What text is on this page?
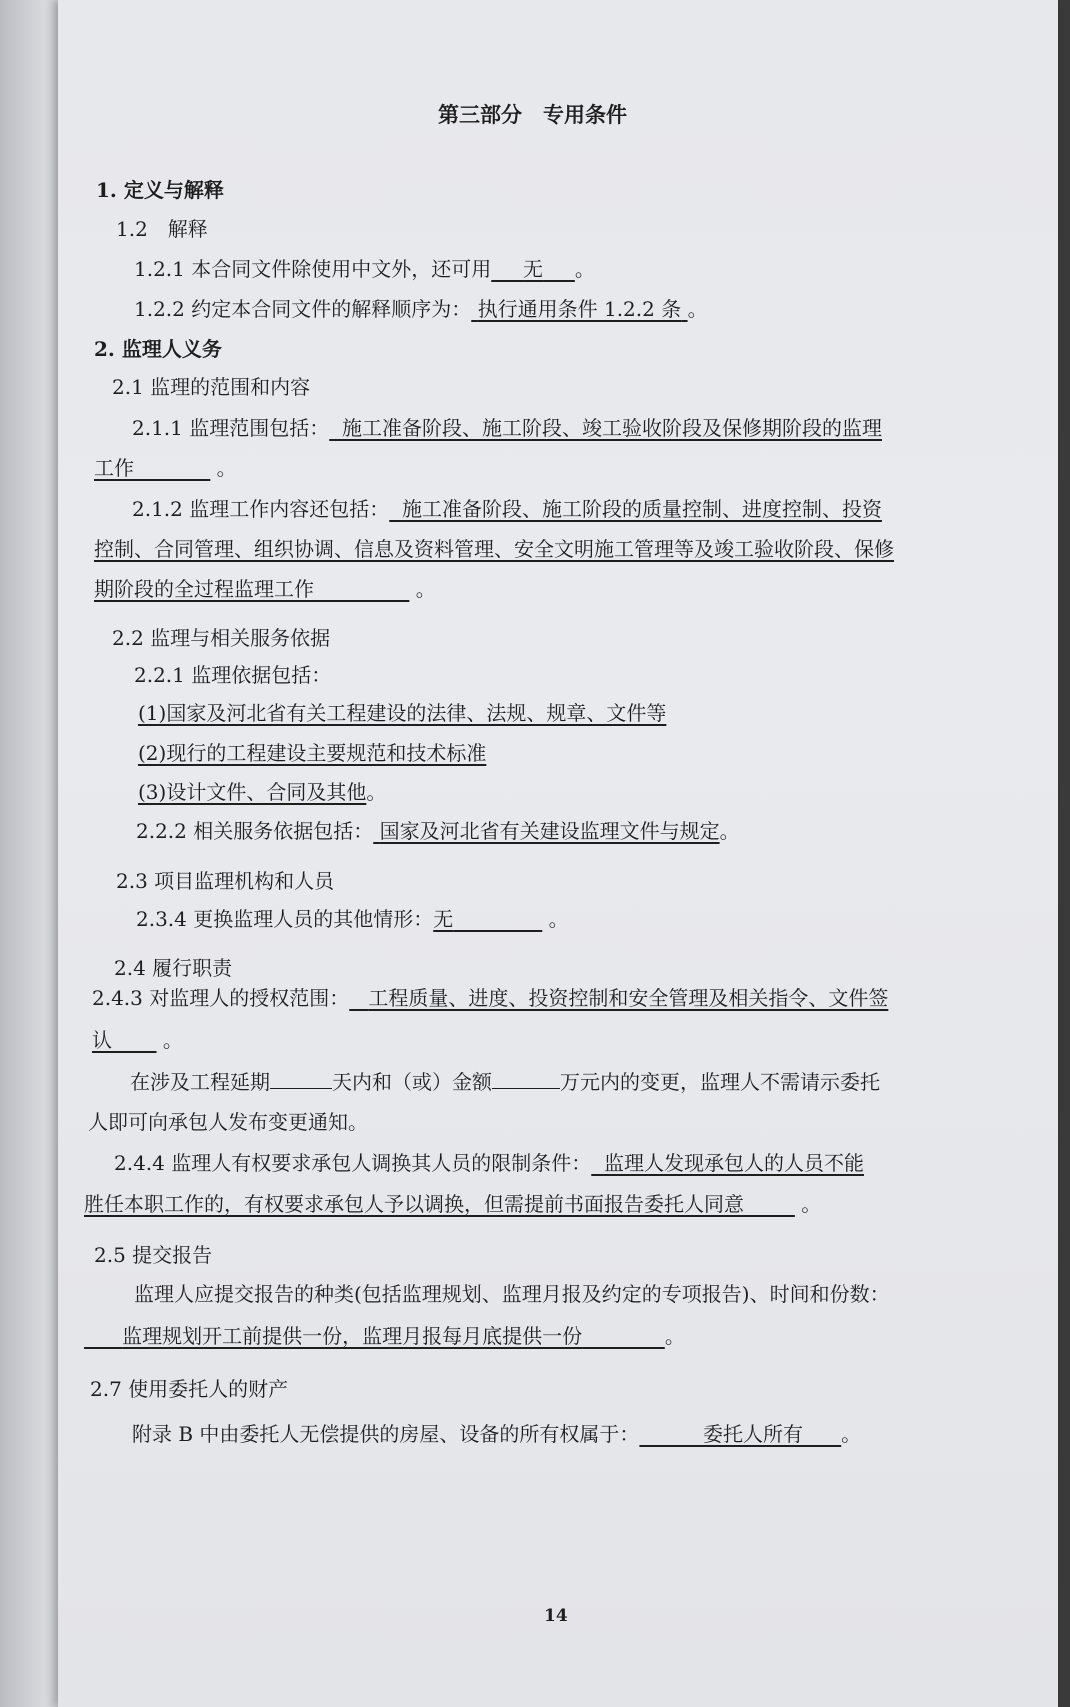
第三部分　专用条件
1. 定义与解释
1.2　解释
1.2.1 本合同文件除使用中文外，还可用 无 。
1.2.2 约定本合同文件的解释顺序为： 执行通用条件 1.2.2 条 。
2. 监理人义务
2.1 监理的范围和内容
2.1.1 监理范围包括： 施工准备阶段、施工阶段、竣工验收阶段及保修期阶段的监理
工作	。
2.1.2 监理工作内容还包括： 施工准备阶段、施工阶段的质量控制、进度控制、投资
控制、合同管理、组织协调、信息及资料管理、安全文明施工管理等及竣工验收阶段、保修
期阶段的全过程监理工作	。
2.2 监理与相关服务依据
2.2.1 监理依据包括：
(1)国家及河北省有关工程建设的法律、法规、规章、文件等
(2)现行的工程建设主要规范和技术标准
(3)设计文件、合同及其他。
2.2.2 相关服务依据包括： 国家及河北省有关建设监理文件与规定。
2.3 项目监理机构和人员
2.3.4 更换监理人员的其他情形：无	。
2.4 履行职责
2.4.3 对监理人的授权范围： 工程质量、进度、投资控制和安全管理及相关指令、文件签
认	。
在涉及工程延期	天内和（或）金额	万元内的变更，监理人不需请示委托
人即可向承包人发布变更通知。
2.4.4 监理人有权要求承包人调换其人员的限制条件： 监理人发现承包人的人员不能
胜任本职工作的，有权要求承包人予以调换，但需提前书面报告委托人同意	。
2.5 提交报告
监理人应提交报告的种类(包括监理规划、监理月报及约定的专项报告)、时间和份数：
监理规划开工前提供一份，监理月报每月底提供一份	。
2.7 使用委托人的财产
附录 B 中由委托人无偿提供的房屋、设备的所有权属于：	委托人所有 。
14
